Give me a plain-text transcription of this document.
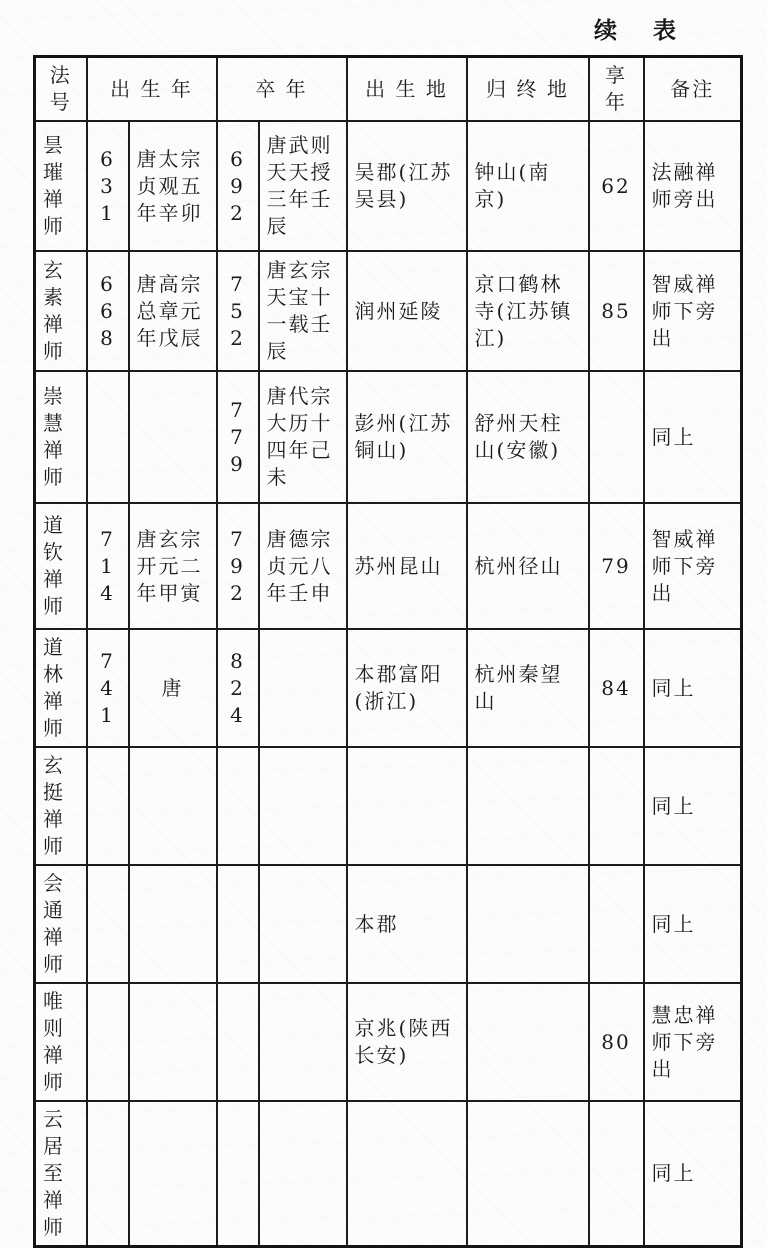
续 表
法号	出 生 年		卒 年		出 生 地	归 终 地	享年	备注
昙璀禅师	631	唐太宗贞观五年辛卯	692	唐武则天天授三年壬辰	吴郡(江苏吴县)	钟山(南京)	62	法融禅师旁出
玄素禅师	668	唐高宗总章元年戊辰	752	唐玄宗天宝十一载壬辰	润州延陵	京口鹤林寺(江苏镇江)	85	智威禅师下旁出
崇慧禅师			779	唐代宗大历十四年己未	彭州(江苏铜山)	舒州天柱山(安徽)		同上
道钦禅师	714	唐玄宗开元二年甲寅	792	唐德宗贞元八年壬申	苏州昆山	杭州径山	79	智威禅师下旁出
道林禅师	741	唐	824		本郡富阳(浙江)	杭州秦望山	84	同上
玄挺禅师								同上
会通禅师					本郡			同上
唯则禅师					京兆(陕西长安)		80	慧忠禅师下旁出
云居至禅师								同上
